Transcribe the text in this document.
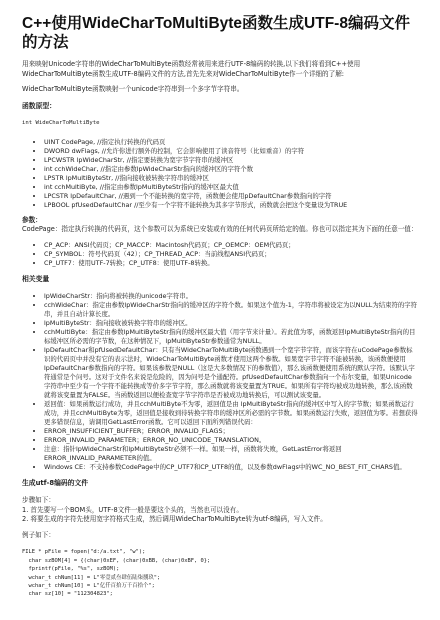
C++使用WideCharToMultiByte函数生成UTF-8编码文件的方法

用来映射Unicode字符串的WideCharToMultiByte函数经常被用来进行UTF-8编码的转换,以下我们将看到C++使用WideCharToMultiByte函数生成UTF-8编码文件的方法,首先先来对WideCharToMultiByte作一个详细的了解:

WideCharToMultiByte函数映射一个unicode字符串到一个多字节字符串。

函数原型：
int WideCharToMultiByte
• UINT CodePage, //指定执行转换的代码页
• DWORD dwFlags, //允许你进行额外的控制，它会影响使用了读音符号（比如重音）的字符
• LPCWSTR lpWideCharStr, //指定要转换为宽字节字符串的缓冲区
• int cchWideChar, //指定由参数lpWideCharStr指向的缓冲区的字符个数
• LPSTR lpMultiByteStr, //指向接收被转换字符串的缓冲区
• int cchMultiByte, //指定由参数lpMultiByteStr指向的缓冲区最大值
• LPCSTR lpDefaultChar, //遇到一个不能转换的宽字符，函数便会使用pDefaultChar参数指向的字符
• LPBOOL pfUsedDefaultChar //至少有一个字符不能转换为其多字节形式，函数就会把这个变量设为TRUE
参数：

CodePage：指定执行转换的代码页，这个参数可以为系统已安装或有效的任何代码页所给定的值。你也可以指定其为下面的任意一值：

• CP_ACP：ANSI代码页；CP_MACCP：Macintosh代码页；CP_OEMCP：OEM代码页；
• CP_SYMBOL：符号代码页（42）；CP_THREAD_ACP：当前线程ANSI代码页；
• CP_UTF7：使用UTF-7转换；CP_UTF8：使用UTF-8转换。
相关变量
• lpWideCharStr：指向将被转换的unicode字符串。
• cchWideChar：指定由参数lpWideCharStr指向的缓冲区的字符个数。如果这个值为-1，字符串将被设定为以NULL为结束符的字符串，并且自动计算长度。
• lpMultiByteStr：指向接收被转换字符串的缓冲区。
• cchMultiByte：指定由参数lpMultiByteStr指向的缓冲区最大值（用字节来计量）。若此值为零，函数返回lpMultiByteStr指向的目标缓冲区所必需的字节数，在这种情况下，lpMultiByteStr参数通常为NULL。
• lpDefaultChar和pfUsedDefaultChar：只有当WideCharToMultiByte函数遇到一个宽字节字符，而该字符在uCodePage参数标识的代码页中并没有它的表示法时，WideCharToMultiByte函数才使用这两个参数。如果宽字节字符不能被转换，该函数便使用lpDefaultChar参数指向的字符。如果该参数是NULL（这是大多数情况下的参数值），那么该函数便使用系统的默认字符。该默认字符通常是个问号。这对于文件名来说是危险的，因为问号是个通配符。pfUsedDefaultChar参数指向一个布尔变量，如果Unicode字符串中至少有一个字符不能转换成等价多字节字符，那么函数就将该变量置为TRUE。如果所有字符均被成功地转换，那么该函数就将该变量置为FALSE。当函数返回以便检查宽字节字符串是否被成功地转换后，可以测试该变量。
• 返回值：如果函数运行成功，并且cchMultiByte不为零，返回值是由 lpMultiByteStr指向的缓冲区中写入的字节数；如果函数运行成功，并且cchMultiByte为零，返回值是接收到待转换字符串的缓冲区所必需的字节数。如果函数运行失败，返回值为零。若想获得更多错误信息，请调用GetLastError函数。它可以返回下面所列错误代码：
• ERROR_INSUFFICIENT_BUFFER；ERROR_INVALID_FLAGS；
• ERROR_INVALID_PARAMETER；ERROR_NO_UNICODE_TRANSLATION。
• 注意：指针lpWideCharStr和lpMultiByteStr必须不一样。如果一样，函数将失败，GetLastError将返回 ERROR_INVALID_PARAMETER的值。
• Windows CE：不支持参数CodePage中的CP_UTF7和CP_UTF8的值，以及参数dwFlags中的WC_NO_BEST_FIT_CHARS值。
生成utf-8编码的文件

步骤如下：

1. 首先要写一个BOM头，UTF-8文件一般是要这个头的，当然也可以没有。

2. 将要生成的字符先使用宽字符格式生成，然后调用WideCharToMultiByte转为utf-8编码，写入文件。

例子如下：

FILE * pFile = fopen("d:/a.txt", "w");
char szBOM[4] = {(char)0xEF, (char)0xBB, (char)0xBF, 0};
fprintf(pFile, "%s", szBOM);
wchar_t chNum[11] = L"零壹贰叁肆伍陆柒捌玖";
wchar_t chNum[10] = L"亿仟百拾万千百拾个";
char sz[10] = "112304823";
